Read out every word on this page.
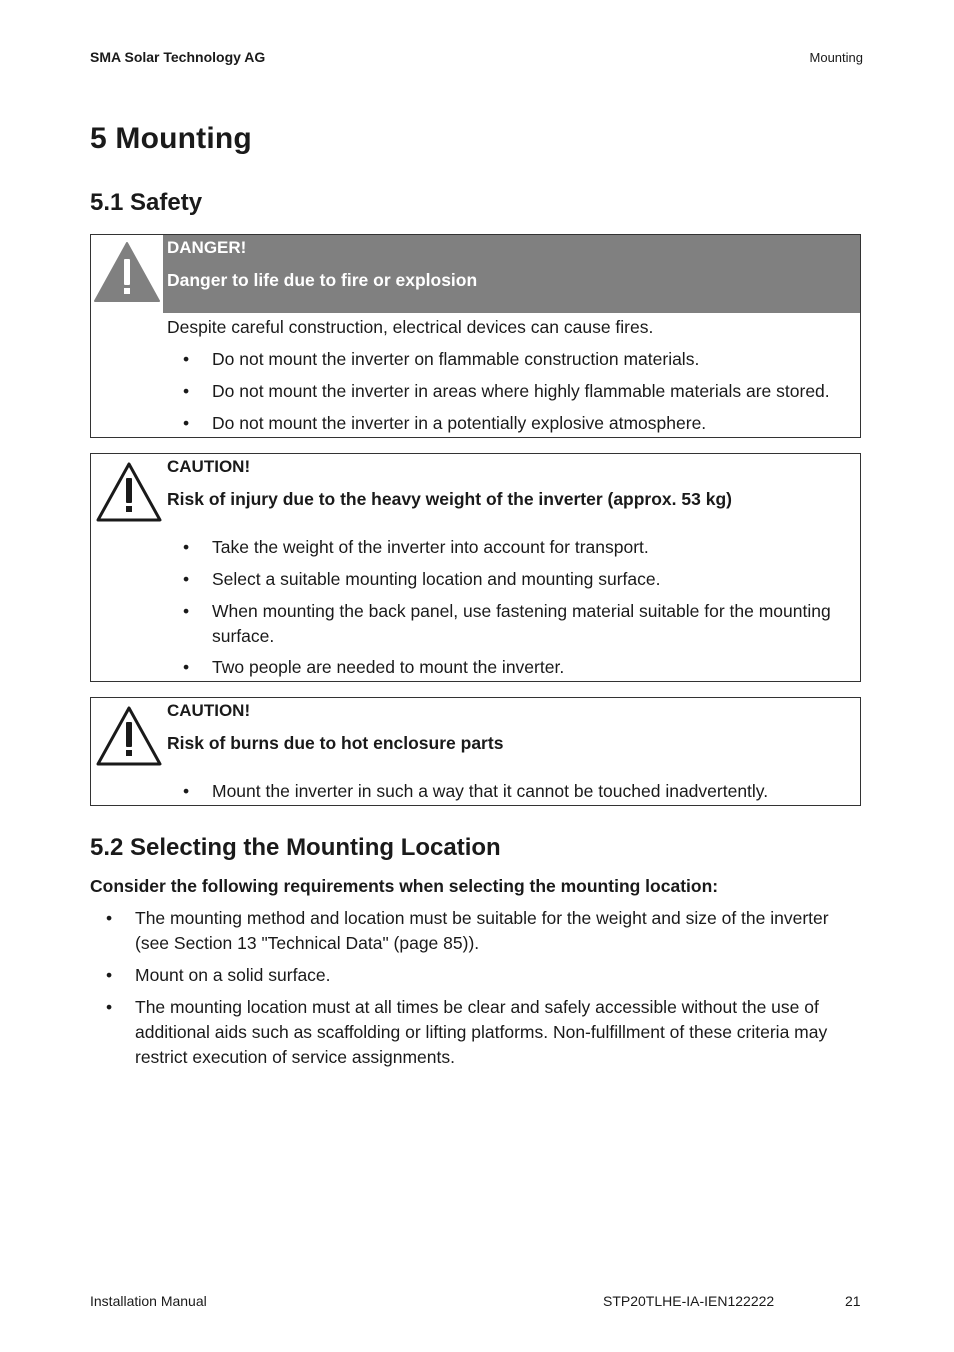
SMA Solar Technology AG	Mounting
5 Mounting
5.1 Safety
DANGER!
Danger to life due to fire or explosion
Despite careful construction, electrical devices can cause fires.
• Do not mount the inverter on flammable construction materials.
• Do not mount the inverter in areas where highly flammable materials are stored.
• Do not mount the inverter in a potentially explosive atmosphere.
CAUTION!
Risk of injury due to the heavy weight of the inverter (approx. 53 kg)
• Take the weight of the inverter into account for transport.
• Select a suitable mounting location and mounting surface.
• When mounting the back panel, use fastening material suitable for the mounting
surface.
• Two people are needed to mount the inverter.
CAUTION!
Risk of burns due to hot enclosure parts
• Mount the inverter in such a way that it cannot be touched inadvertently.
5.2 Selecting the Mounting Location
Consider the following requirements when selecting the mounting location:
• The mounting method and location must be suitable for the weight and size of the inverter
(see Section 13 "Technical Data" (page 85)).
• Mount on a solid surface.
• The mounting location must at all times be clear and safely accessible without the use of
additional aids such as scaffolding or lifting platforms. Non-fulfillment of these criteria may
restrict execution of service assignments.
Installation Manual	STP20TLHE-IA-IEN122222	21
